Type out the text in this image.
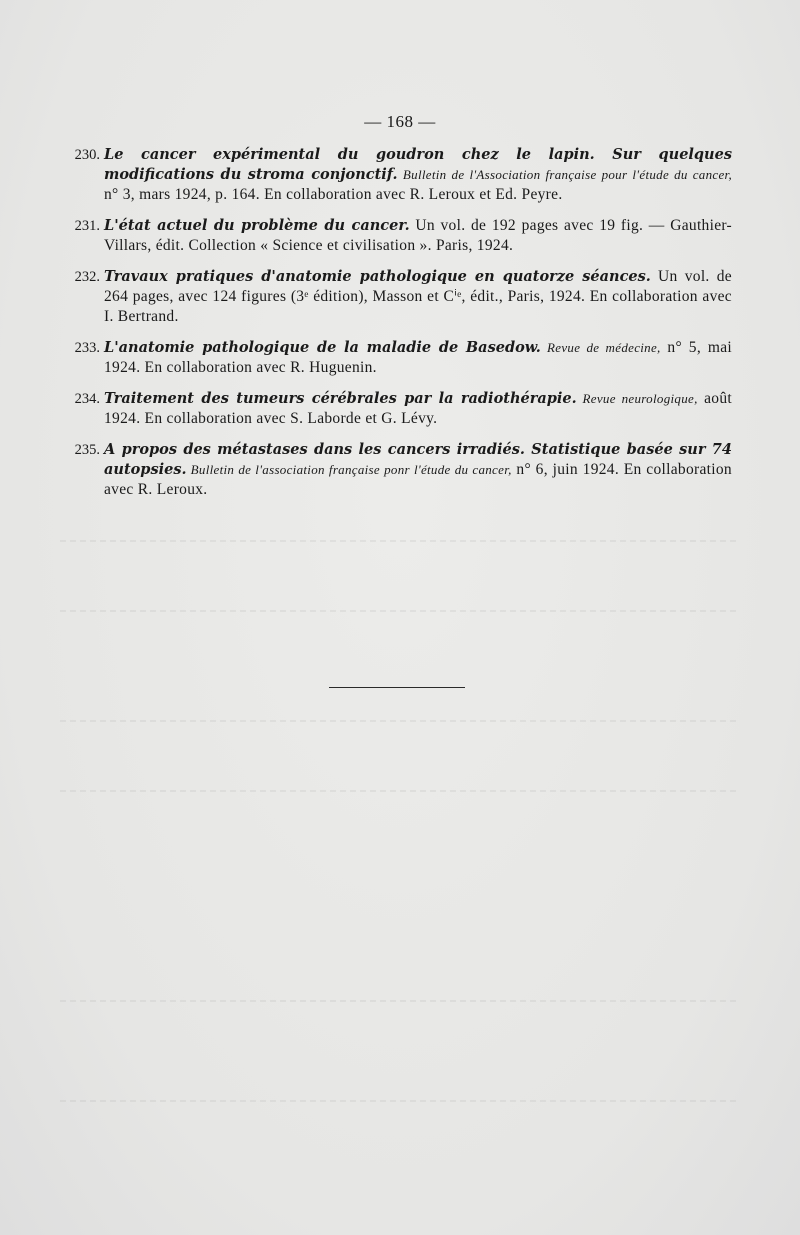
— 168 —
230. Le cancer expérimental du goudron chez le lapin. Sur quelques modifications du stroma conjonctif. Bulletin de l'Association française pour l'étude du cancer, n° 3, mars 1924, p. 164. En collaboration avec R. Leroux et Ed. Peyre.
231. L'état actuel du problème du cancer. Un vol. de 192 pages avec 19 fig. — Gauthier-Villars, édit. Collection « Science et civilisation ». Paris, 1924.
232. Travaux pratiques d'anatomie pathologique en quatorze séances. Un vol. de 264 pages, avec 124 figures (3ᵉ édition), Masson et Cⁱᵉ, édit., Paris, 1924. En collaboration avec I. Bertrand.
233. L'anatomie pathologique de la maladie de Basedow. Revue de médecine, n° 5, mai 1924. En collaboration avec R. Huguenin.
234. Traitement des tumeurs cérébrales par la radiothérapie. Revue neurologique, août 1924. En collaboration avec S. Laborde et G. Lévy.
235. A propos des métastases dans les cancers irradiés. Statistique basée sur 74 autopsies. Bulletin de l'association française ponr l'étude du cancer, n° 6, juin 1924. En collaboration avec R. Leroux.
